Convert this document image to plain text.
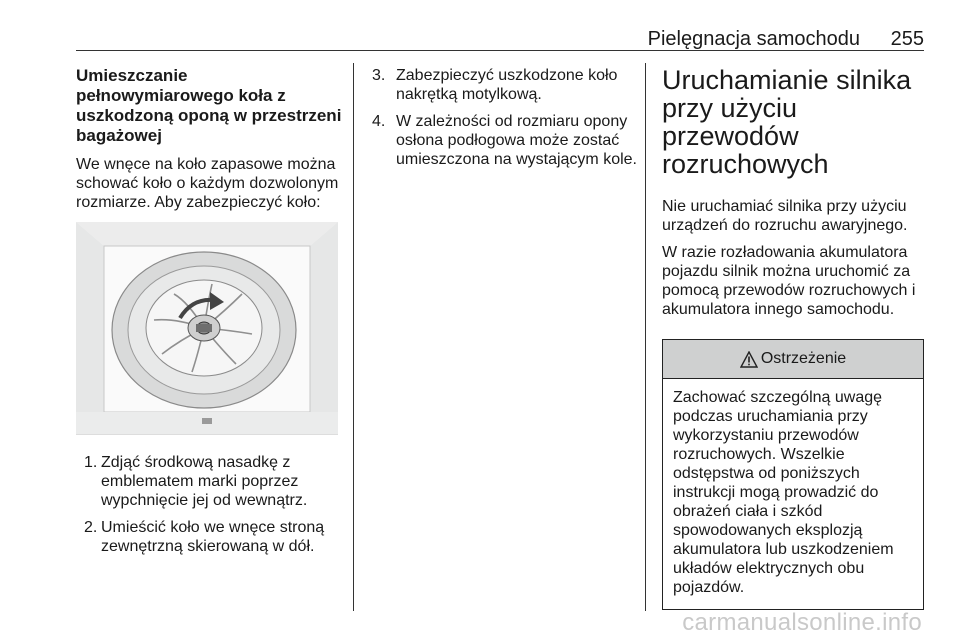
Pielęgnacja samochodu 255
Umieszczanie pełnowymiarowego koła z uszkodzoną oponą w przestrzeni bagażowej
We wnęce na koło zapasowe można schować koło o każdym dozwolonym rozmiarze. Aby zabezpieczyć koło:
1. Zdjąć środkową nasadkę z emblematem marki poprzez wypchnięcie jej od wewnątrz.
2. Umieścić koło we wnęce stroną zewnętrzną skierowaną w dół.
3. Zabezpieczyć uszkodzone koło nakrętką motylkową.
4. W zależności od rozmiaru opony osłona podłogowa może zostać umieszczona na wystającym kole.
Uruchamianie silnika przy użyciu przewodów rozruchowych
Nie uruchamiać silnika przy użyciu urządzeń do rozruchu awaryjnego.
W razie rozładowania akumulatora pojazdu silnik można uruchomić za pomocą przewodów rozruchowych i akumulatora innego samochodu.
Ostrzeżenie
Zachować szczególną uwagę podczas uruchamiania przy wykorzystaniu przewodów rozruchowych. Wszelkie odstępstwa od poniższych instrukcji mogą prowadzić do obrażeń ciała i szkód spowodowanych eksplozją akumulatora lub uszkodzeniem układów elektrycznych obu pojazdów.
carmanualsonline.info
